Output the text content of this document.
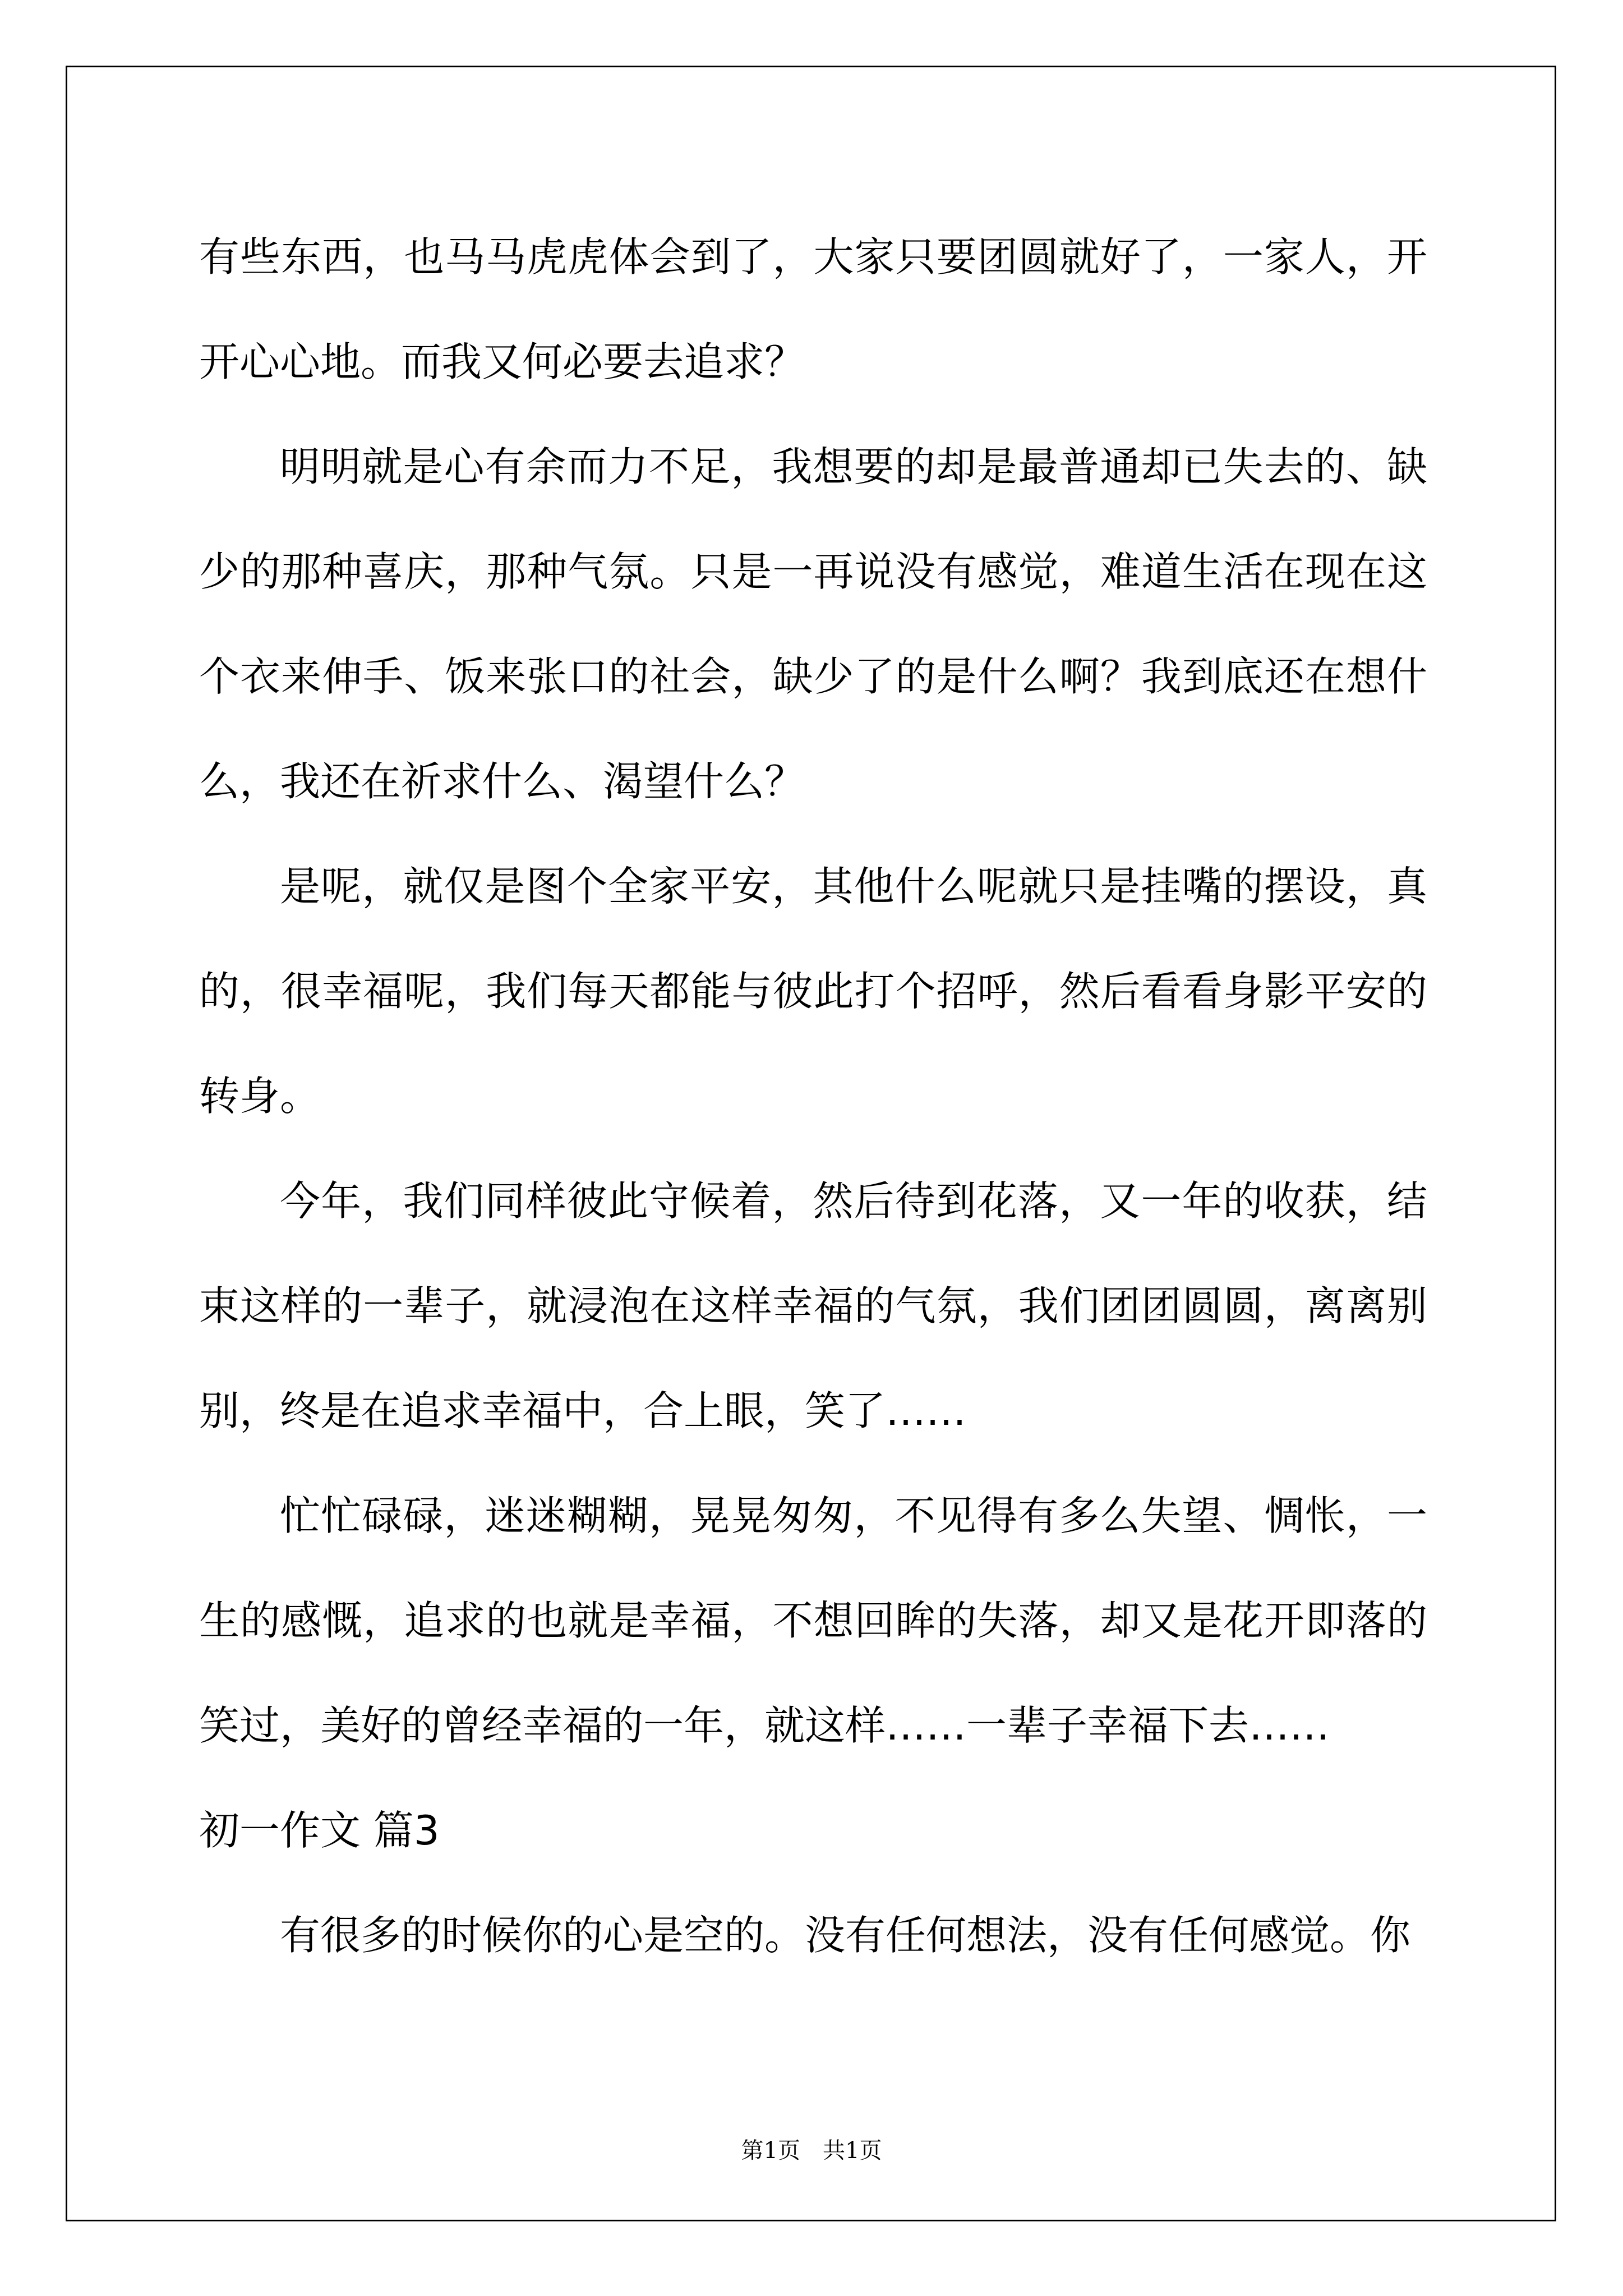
有些东西，也马马虎虎体会到了，大家只要团圆就好了，一家人，开开心心地。而我又何必要去追求？

明明就是心有余而力不足，我想要的却是最普通却已失去的、缺少的那种喜庆，那种气氛。只是一再说没有感觉，难道生活在现在这个衣来伸手、饭来张口的社会，缺少了的是什么啊？我到底还在想什么，我还在祈求什么、渴望什么？

是呢，就仅是图个全家平安，其他什么呢就只是挂嘴的摆设，真的，很幸福呢，我们每天都能与彼此打个招呼，然后看看身影平安的转身。

今年，我们同样彼此守候着，然后待到花落，又一年的收获，结束这样的一辈子，就浸泡在这样幸福的气氛，我们团团圆圆，离离别别，终是在追求幸福中，合上眼，笑了……

忙忙碌碌，迷迷糊糊，晃晃匆匆，不见得有多么失望、惆怅，一生的感慨，追求的也就是幸福，不想回眸的失落，却又是花开即落的笑过，美好的曾经幸福的一年，就这样……一辈子幸福下去……

初一作文 篇3

有很多的时候你的心是空的。没有任何想法，没有任何感觉。你

第1页　共1页
